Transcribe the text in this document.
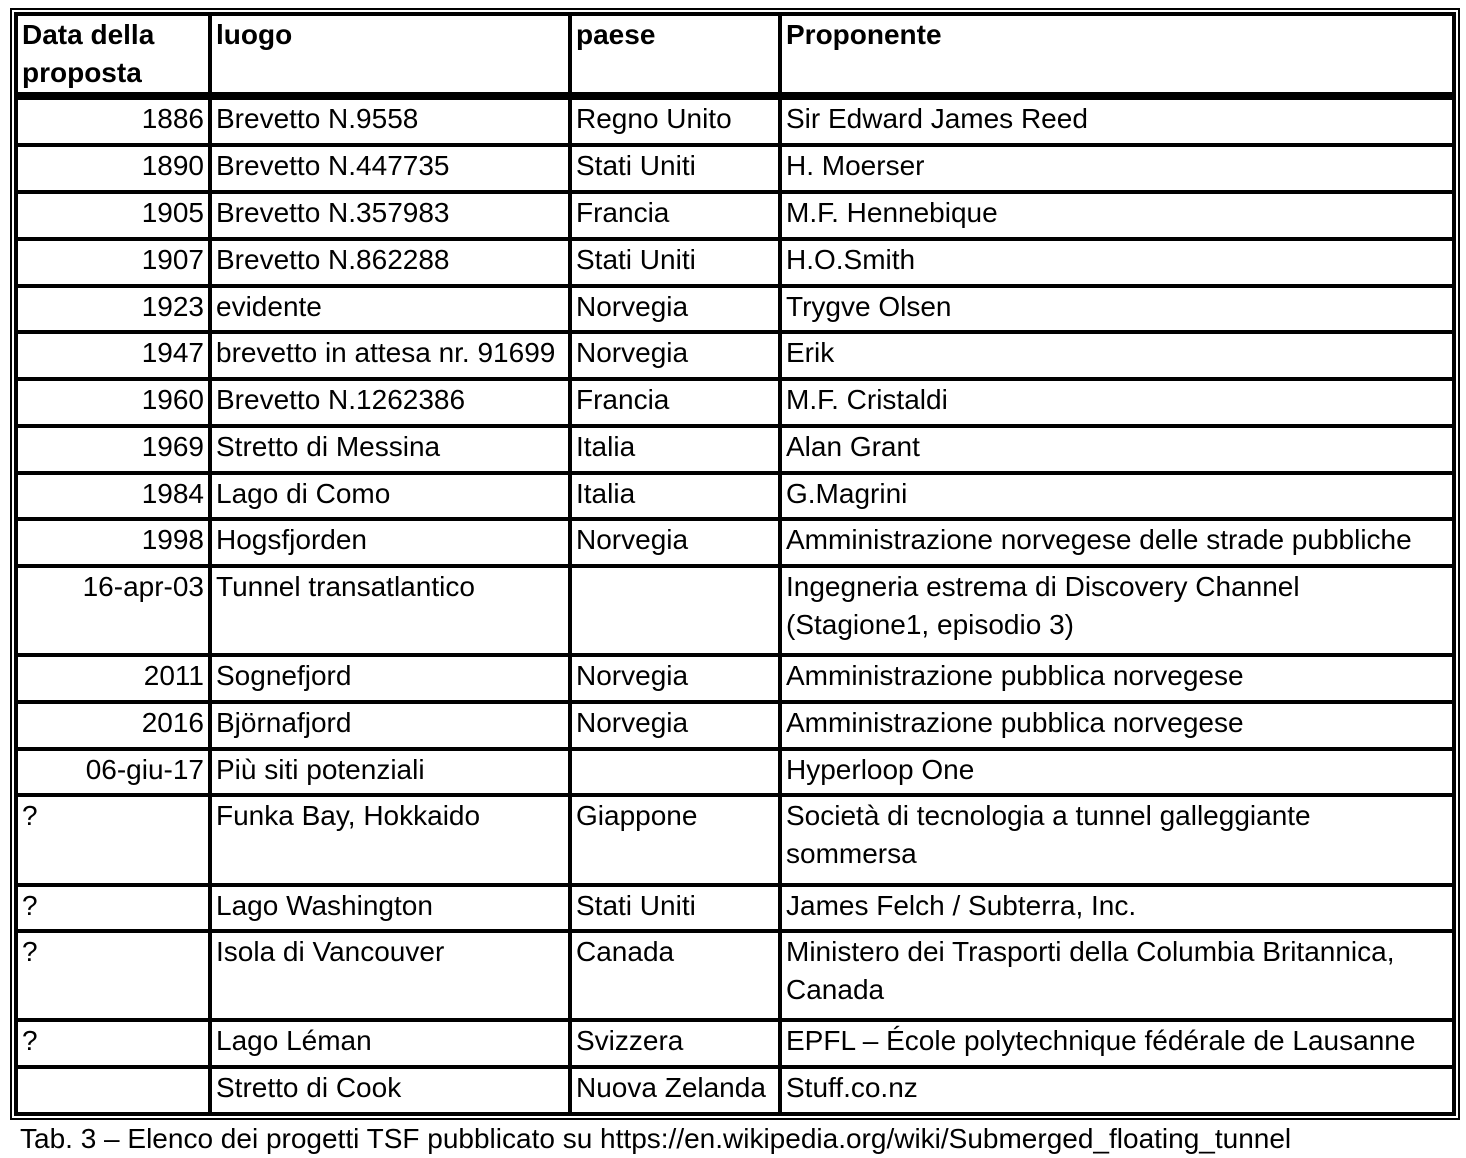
Data della proposta	luogo	paese	Proponente
1886	Brevetto N.9558	Regno Unito	Sir Edward James Reed
1890	Brevetto N.447735	Stati Uniti	H. Moerser
1905	Brevetto N.357983	Francia	M.F. Hennebique
1907	Brevetto N.862288	Stati Uniti	H.O.Smith
1923	evidente	Norvegia	Trygve Olsen
1947	brevetto in attesa nr. 91699	Norvegia	Erik
1960	Brevetto N.1262386	Francia	M.F. Cristaldi
1969	Stretto di Messina	Italia	Alan Grant
1984	Lago di Como	Italia	G.Magrini
1998	Hogsfjorden	Norvegia	Amministrazione norvegese delle strade pubbliche
16-apr-03	Tunnel transatlantico		Ingegneria estrema di Discovery Channel (Stagione1, episodio 3)
2011	Sognefjord	Norvegia	Amministrazione pubblica norvegese
2016	Björnafjord	Norvegia	Amministrazione pubblica norvegese
06-giu-17	Più siti potenziali		Hyperloop One
?	Funka Bay, Hokkaido	Giappone	Società di tecnologia a tunnel galleggiante sommersa
?	Lago Washington	Stati Uniti	James Felch / Subterra, Inc.
?	Isola di Vancouver	Canada	Ministero dei Trasporti della Columbia Britannica, Canada
?	Lago Léman	Svizzera	EPFL – École polytechnique fédérale de Lausanne
	Stretto di Cook	Nuova Zelanda	Stuff.co.nz
Tab. 3 – Elenco dei progetti TSF pubblicato su https://en.wikipedia.org/wiki/Submerged_floating_tunnel
